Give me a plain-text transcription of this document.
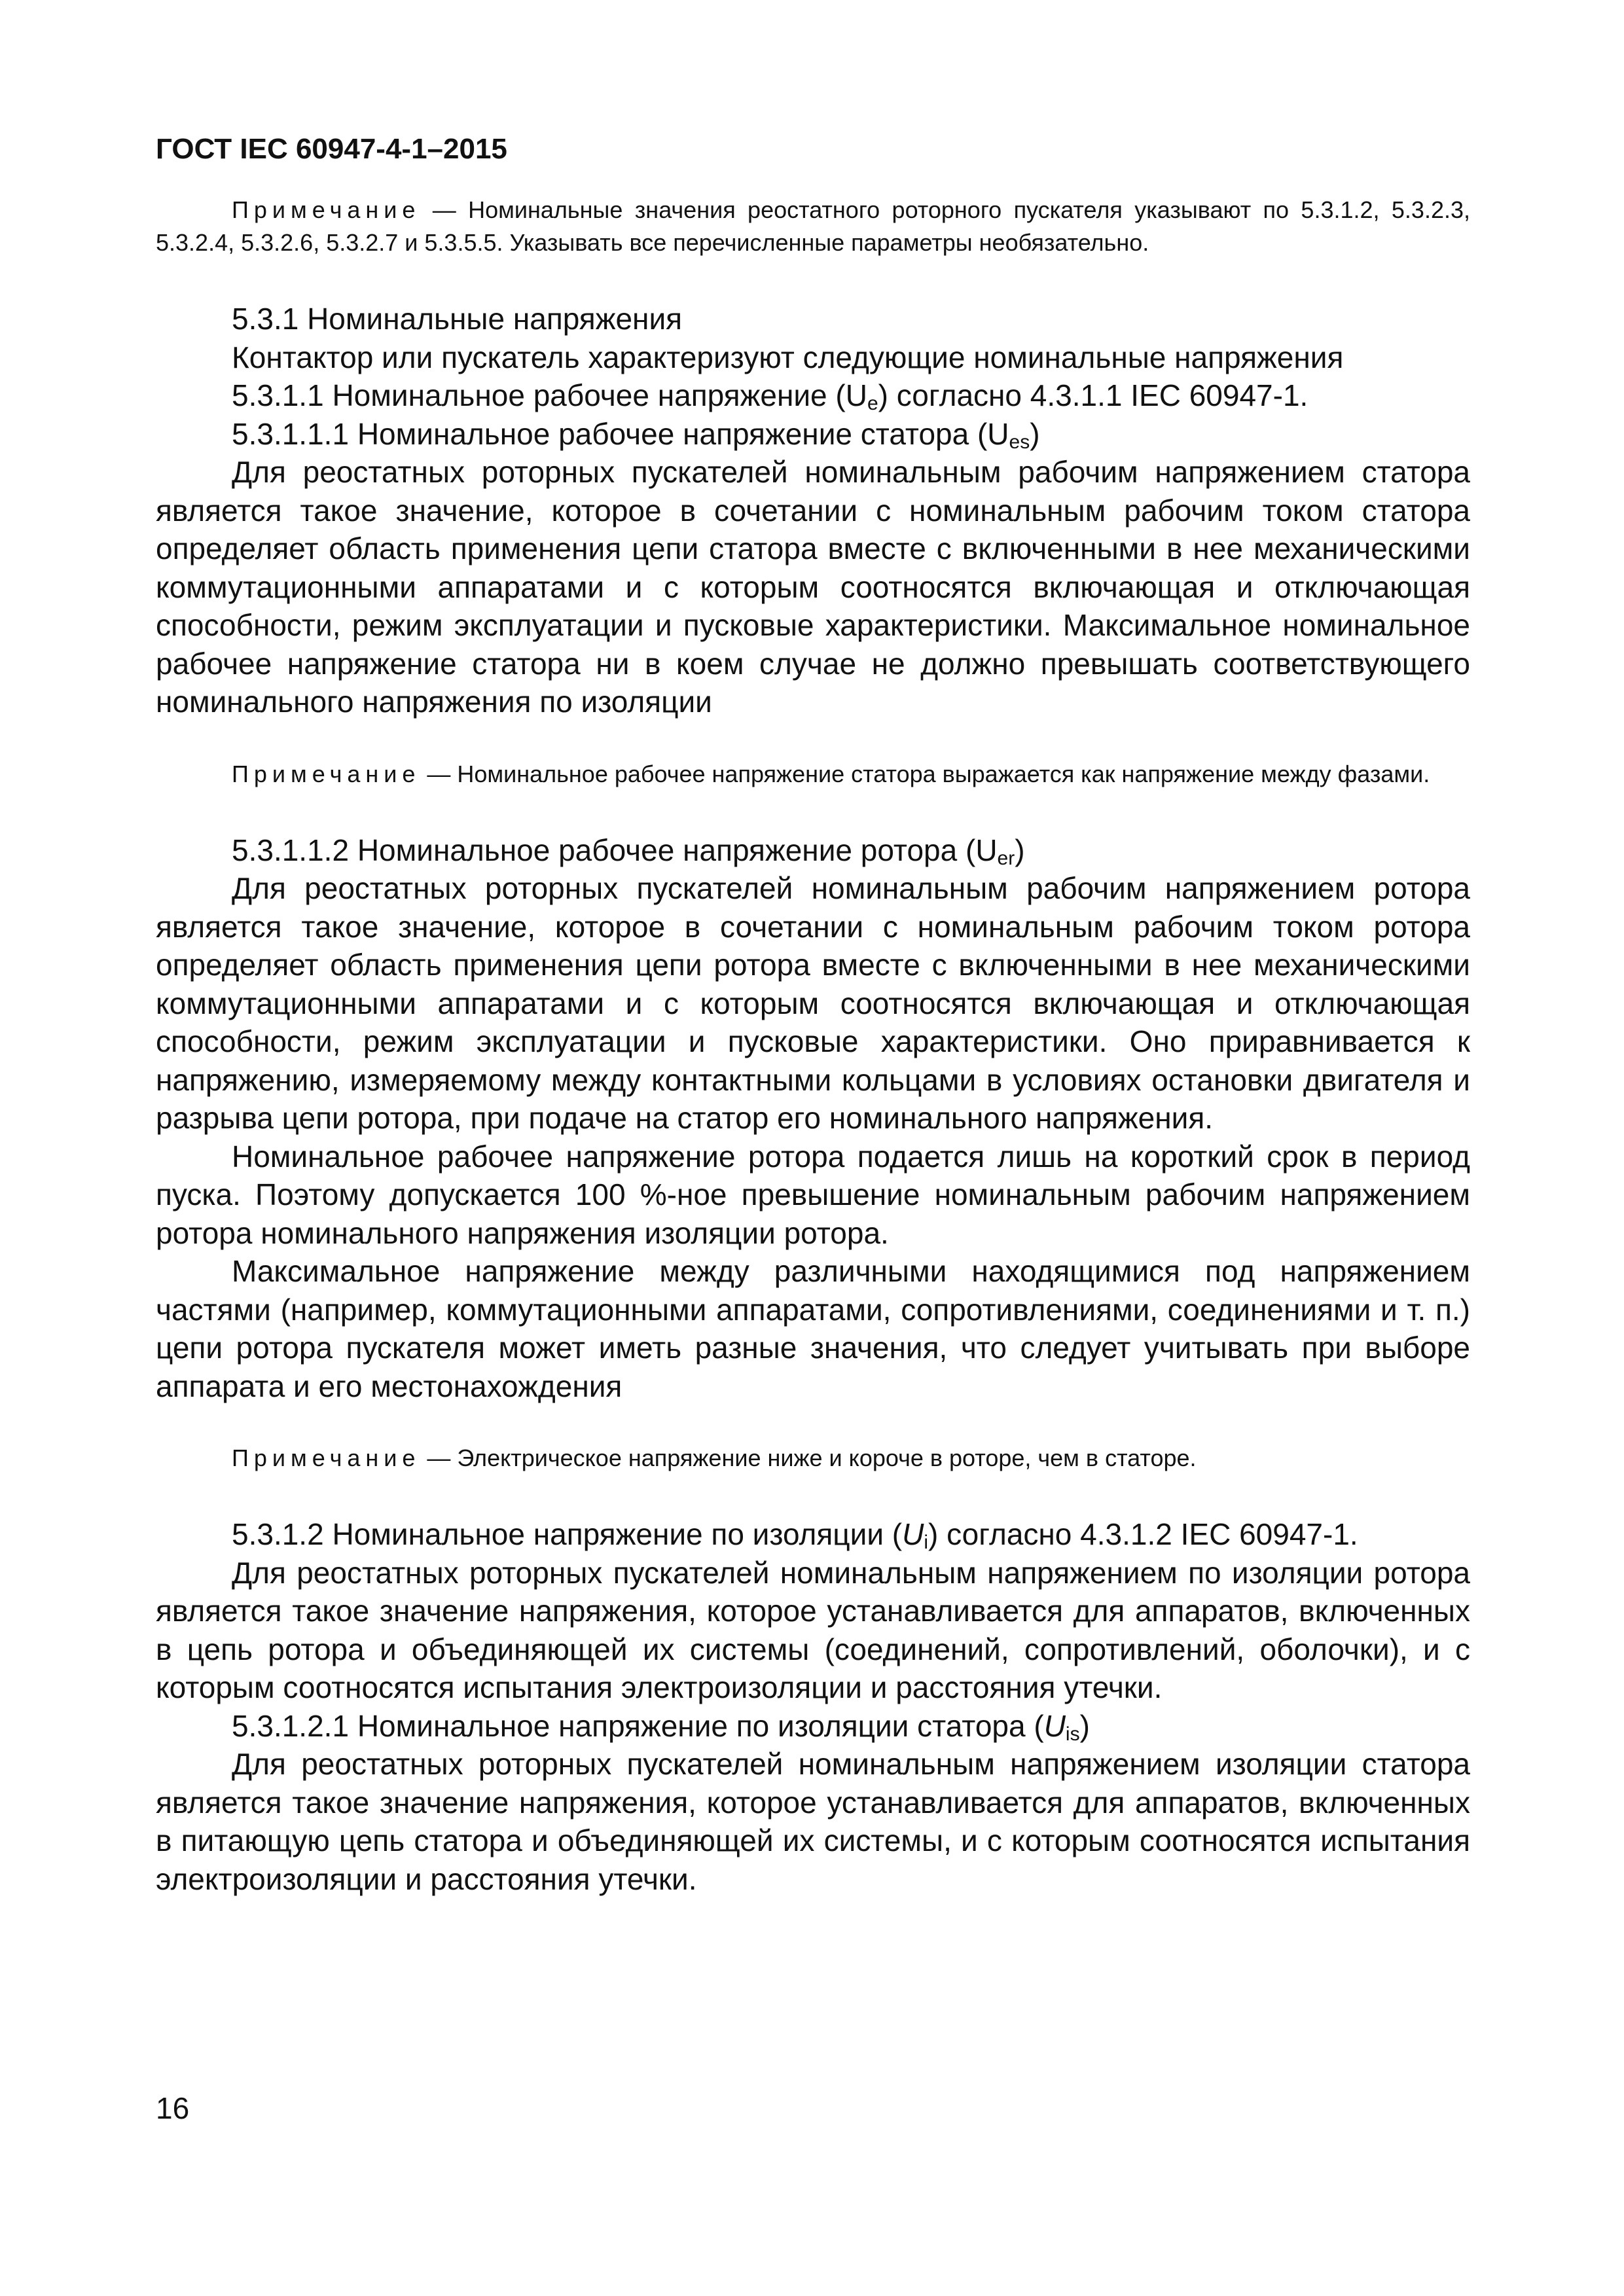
ГОСТ IEC 60947-4-1–2015

Примечание — Номинальные значения реостатного роторного пускателя указывают по 5.3.1.2, 5.3.2.3, 5.3.2.4, 5.3.2.6, 5.3.2.7 и 5.3.5.5. Указывать все перечисленные параметры необязательно.

5.3.1 Номинальные напряжения

Контактор или пускатель характеризуют следующие номинальные напряжения

5.3.1.1 Номинальное рабочее напряжение $(U_e)$ согласно 4.3.1.1 IEC 60947-1.

5.3.1.1.1 Номинальное рабочее напряжение статора $(U_{es})$

Для реостатных роторных пускателей номинальным рабочим напряжением статора является такое значение, которое в сочетании с номинальным рабочим током статора определяет область применения цепи статора вместе с включенными в нее механическими коммутационными аппаратами и с которым соотносятся включающая и отключающая способности, режим эксплуатации и пусковые характеристики. Максимальное номинальное рабочее напряжение статора ни в коем случае не должно превышать соответствующего номинального напряжения по изоляции

Примечание — Номинальное рабочее напряжение статора выражается как напряжение между фазами.

5.3.1.1.2 Номинальное рабочее напряжение ротора $(U_{er})$

Для реостатных роторных пускателей номинальным рабочим напряжением ротора является такое значение, которое в сочетании с номинальным рабочим током ротора определяет область применения цепи ротора вместе с включенными в нее механическими коммутационными аппаратами и с которым соотносятся включающая и отключающая способности, режим эксплуатации и пусковые характеристики. Оно приравнивается к напряжению, измеряемому между контактными кольцами в условиях остановки двигателя и разрыва цепи ротора, при подаче на статор его номинального напряжения.

Номинальное рабочее напряжение ротора подается лишь на короткий срок в период пуска. Поэтому допускается 100 %-ное превышение номинальным рабочим напряжением ротора номинального напряжения изоляции ротора.

Максимальное напряжение между различными находящимися под напряжением частями (например, коммутационными аппаратами, сопротивлениями, соединениями и т. п.) цепи ротора пускателя может иметь разные значения, что следует учитывать при выборе аппарата и его местонахождения

Примечание — Электрическое напряжение ниже и короче в роторе, чем в статоре.

5.3.1.2 Номинальное напряжение по изоляции $(U_i)$ согласно 4.3.1.2 IEC 60947-1.

Для реостатных роторных пускателей номинальным напряжением по изоляции ротора является такое значение напряжения, которое устанавливается для аппаратов, включенных в цепь ротора и объединяющей их системы (соединений, сопротивлений, оболочки), и с которым соотносятся испытания электроизоляции и расстояния утечки.

5.3.1.2.1 Номинальное напряжение по изоляции статора $(U_{is})$

Для реостатных роторных пускателей номинальным напряжением изоляции статора является такое значение напряжения, которое устанавливается для аппаратов, включенных в питающую цепь статора и объединяющей их системы, и с которым соотносятся испытания электроизоляции и расстояния утечки.

16
